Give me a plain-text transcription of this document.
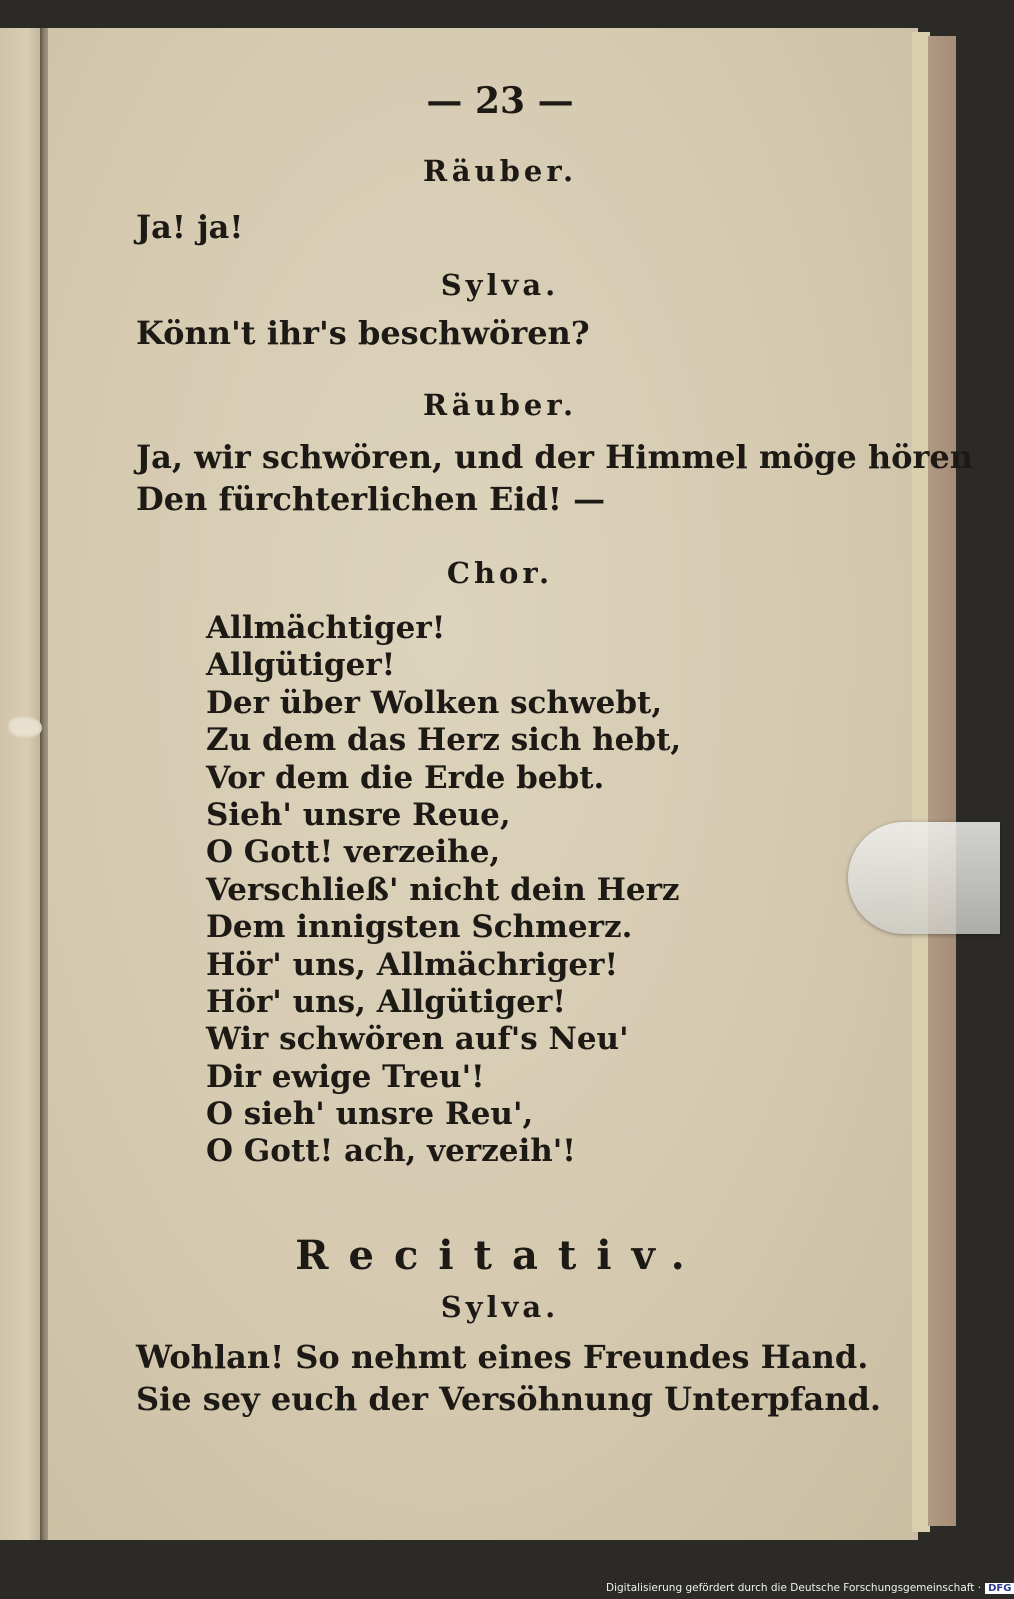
— 23 —
Räuber.
Ja! ja!
Sylva.
Könn't ihr's beschwören?
Räuber.
Ja, wir schwören, und der Himmel möge hören
Den fürchterlichen Eid! —
Chor.
Allmächtiger!
Allgütiger!
Der über Wolken schwebt,
Zu dem das Herz sich hebt,
Vor dem die Erde bebt.
Sieh' unsre Reue,
O Gott! verzeihe,
Verschließ' nicht dein Herz
Dem innigsten Schmerz.
Hör' uns, Allmächriger!
Hör' uns, Allgütiger!
Wir schwören auf's Neu'
Dir ewige Treu'!
O sieh' unsre Reu',
O Gott! ach, verzeih'!
Recitativ.
Sylva.
Wohlan! So nehmt eines Freundes Hand.
Sie sey euch der Versöhnung Unterpfand.
Digitalisierung gefördert durch die Deutsche Forschungsgemeinschaft · DFG
